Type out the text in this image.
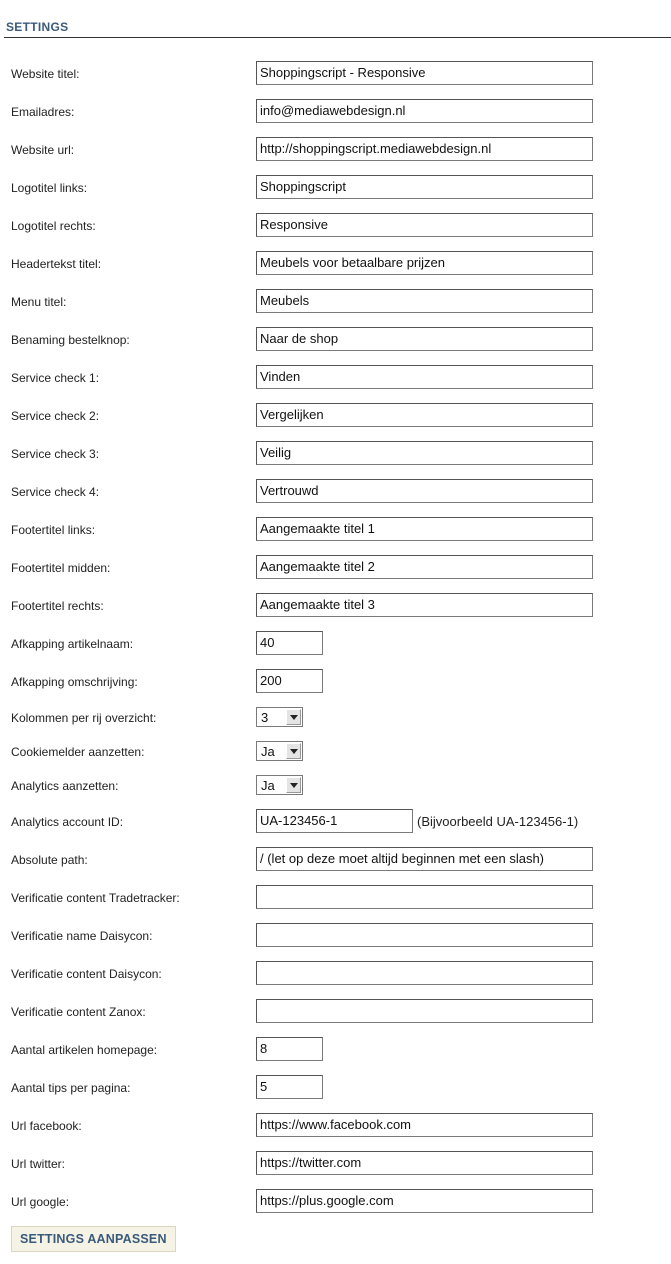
SETTINGS
Website titel:	Shoppingscript - Responsive
Emailadres:	info@mediawebdesign.nl
Website url:	http://shoppingscript.mediawebdesign.nl
Logotitel links:	Shoppingscript
Logotitel rechts:	Responsive
Headertekst titel:	Meubels voor betaalbare prijzen
Menu titel:	Meubels
Benaming bestelknop:	Naar de shop
Service check 1:	Vinden
Service check 2:	Vergelijken
Service check 3:	Veilig
Service check 4:	Vertrouwd
Footertitel links:	Aangemaakte titel 1
Footertitel midden:	Aangemaakte titel 2
Footertitel rechts:	Aangemaakte titel 3
Afkapping artikelnaam:	40
Afkapping omschrijving:	200
Kolommen per rij overzicht:	3
Cookiemelder aanzetten:	Ja
Analytics aanzetten:	Ja
Analytics account ID:	UA-123456-1	(Bijvoorbeeld UA-123456-1)
Absolute path:	/ (let op deze moet altijd beginnen met een slash)
Verificatie content Tradetracker:
Verificatie name Daisycon:
Verificatie content Daisycon:
Verificatie content Zanox:
Aantal artikelen homepage:	8
Aantal tips per pagina:	5
Url facebook:	https://www.facebook.com
Url twitter:	https://twitter.com
Url google:	https://plus.google.com
SETTINGS AANPASSEN
